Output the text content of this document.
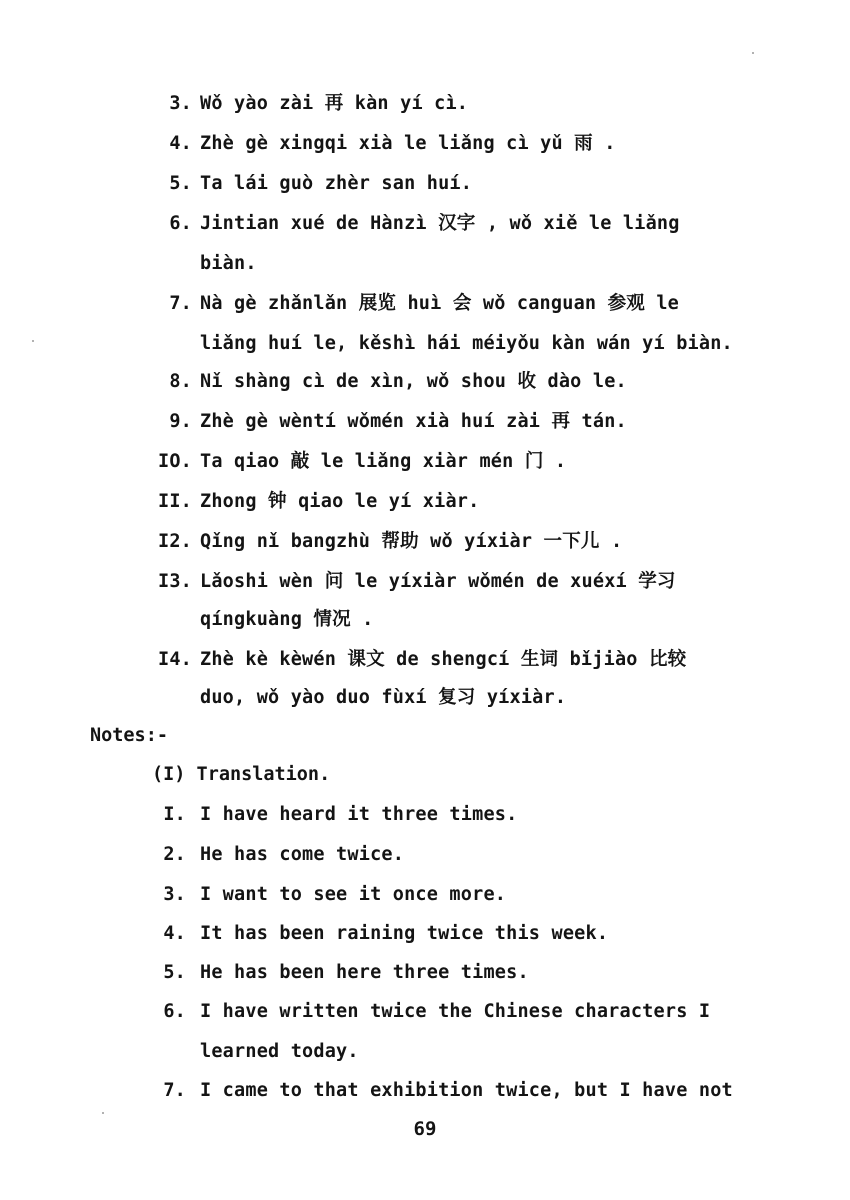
3. Wǒ yào zài 再 kàn yí cì.
4. Zhè gè xingqi xià le liǎng cì yǔ 雨 .
5. Ta lái guò zhèr san huí.
6. Jintian xué de Hànzì 汉字 , wǒ xiě le liǎng
biàn.
7. Nà gè zhǎnlǎn 展览 huì 会 wǒ canguan 参观 le
liǎng huí le, kěshì hái méiyǒu kàn wán yí biàn.
8. Nǐ shàng cì de xìn, wǒ shou 收 dào le.
9. Zhè gè wèntí wǒmén xià huí zài 再 tán.
IO. Ta qiao 敲 le liǎng xiàr mén 门 .
II. Zhong 钟 qiao le yí xiàr.
I2. Qǐng nǐ bangzhù 帮助 wǒ yíxiàr 一下儿 .
I3. Lǎoshi wèn 问 le yíxiàr wǒmén de xuéxí 学习
qíngkuàng 情况 .
I4. Zhè kè kèwén 课文 de shengcí 生词 bǐjiào 比较
duo, wǒ yào duo fùxí 复习 yíxiàr.
Notes:-
(I) Translation.
I. I have heard it three times.
2. He has come twice.
3. I want to see it once more.
4. It has been raining twice this week.
5. He has been here three times.
6. I have written twice the Chinese characters I
learned today.
7. I came to that exhibition twice, but I have not
69
